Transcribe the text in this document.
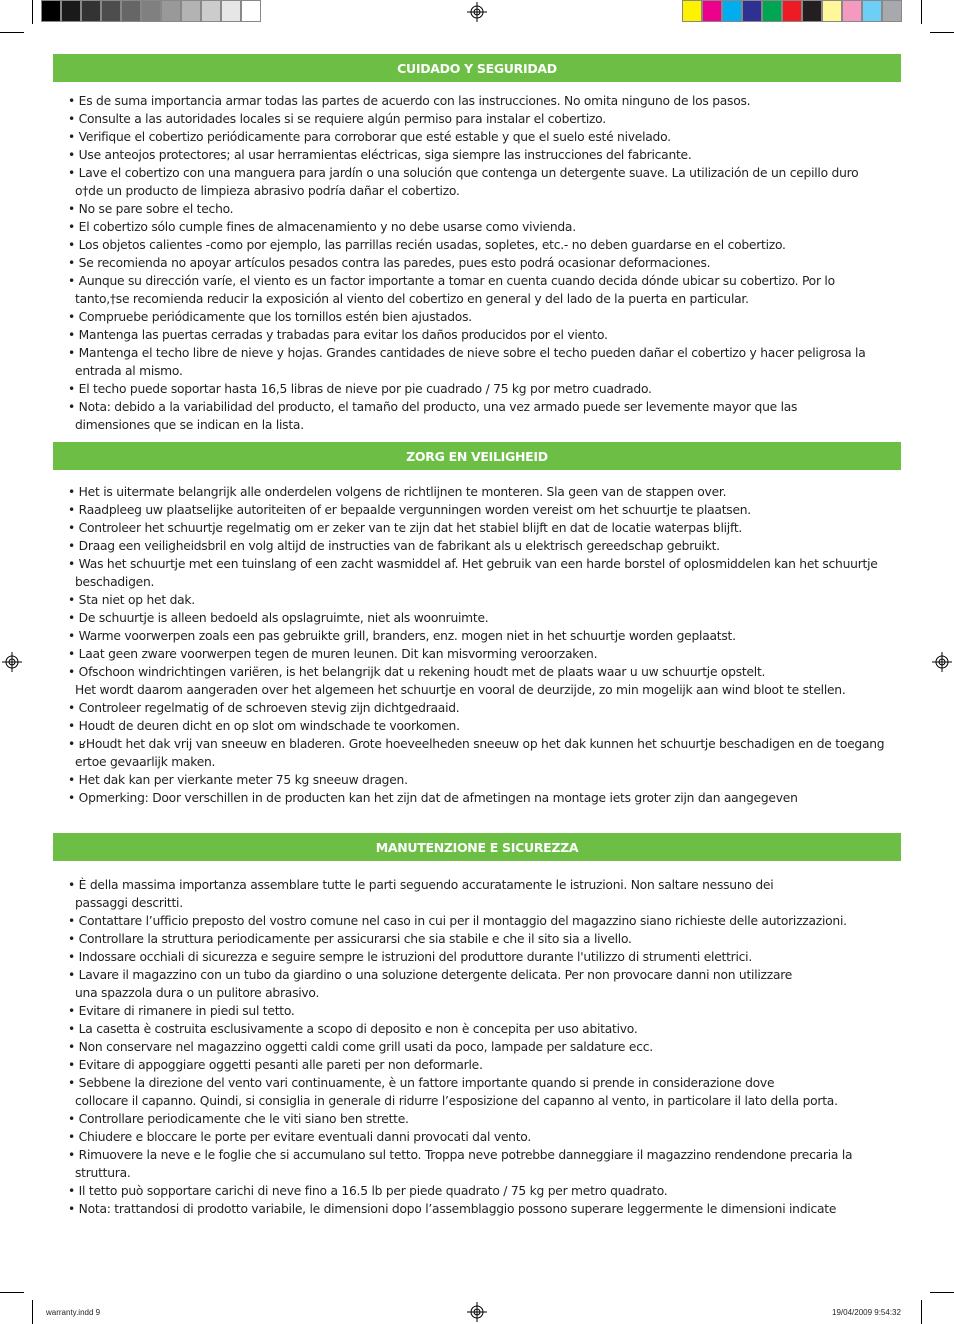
CUIDADO Y SEGURIDAD
• Es de suma importancia armar todas las partes de acuerdo con las instrucciones. No omita ninguno de los pasos.
• Consulte a las autoridades locales si se requiere algún permiso para instalar el cobertizo.
• Verifique el cobertizo periódicamente para corroborar que esté estable y que el suelo esté nivelado.
• Use anteojos protectores; al usar herramientas eléctricas, siga siempre las instrucciones del fabricante.
• Lave el cobertizo con una manguera para jardín o una solución que contenga un detergente suave. La utilización de un cepillo duro
o†de un producto de limpieza abrasivo podría dañar el cobertizo.
• No se pare sobre el techo.
• El cobertizo sólo cumple fines de almacenamiento y no debe usarse como vivienda.
• Los objetos calientes -como por ejemplo, las parrillas recién usadas, sopletes, etc.- no deben guardarse en el cobertizo.
• Se recomienda no apoyar artículos pesados contra las paredes, pues esto podrá ocasionar deformaciones.
• Aunque su dirección varíe, el viento es un factor importante a tomar en cuenta cuando decida dónde ubicar su cobertizo. Por lo
tanto,†se recomienda reducir la exposición al viento del cobertizo en general y del lado de la puerta en particular.
• Compruebe periódicamente que los tornillos estén bien ajustados.
• Mantenga las puertas cerradas y trabadas para evitar los daños producidos por el viento.
• Mantenga el techo libre de nieve y hojas. Grandes cantidades de nieve sobre el techo pueden dañar el cobertizo y hacer peligrosa la
entrada al mismo.
• El techo puede soportar hasta 16,5 libras de nieve por pie cuadrado / 75 kg por metro cuadrado.
• Nota: debido a la variabilidad del producto, el tamaño del producto, una vez armado puede ser levemente mayor que las
dimensiones que se indican en la lista.
ZORG EN VEILIGHEID
• Het is uitermate belangrijk alle onderdelen volgens de richtlijnen te monteren. Sla geen van de stappen over.
• Raadpleeg uw plaatselijke autoriteiten of er bepaalde vergunningen worden vereist om het schuurtje te plaatsen.
• Controleer het schuurtje regelmatig om er zeker van te zijn dat het stabiel blijft en dat de locatie waterpas blijft.
• Draag een veiligheidsbril en volg altijd de instructies van de fabrikant als u elektrisch gereedschap gebruikt.
• Was het schuurtje met een tuinslang of een zacht wasmiddel af. Het gebruik van een harde borstel of oplosmiddelen kan het schuurtje
beschadigen.
• Sta niet op het dak.
• De schuurtje is alleen bedoeld als opslagruimte, niet als woonruimte.
• Warme voorwerpen zoals een pas gebruikte grill, branders, enz. mogen niet in het schuurtje worden geplaatst.
• Laat geen zware voorwerpen tegen de muren leunen. Dit kan misvorming veroorzaken.
• Ofschoon windrichtingen variëren, is het belangrijk dat u rekening houdt met de plaats waar u uw schuurtje opstelt.
Het wordt daarom aangeraden over het algemeen het schuurtje en vooral de deurzijde, zo min mogelijk aan wind bloot te stellen.
• Controleer regelmatig of de schroeven stevig zijn dichtgedraaid.
• Houdt de deuren dicht en op slot om windschade te voorkomen.
• ʁHoudt het dak vrij van sneeuw en bladeren. Grote hoeveelheden sneeuw op het dak kunnen het schuurtje beschadigen en de toegang
ertoe gevaarlijk maken.
• Het dak kan per vierkante meter 75 kg sneeuw dragen.
• Opmerking: Door verschillen in de producten kan het zijn dat de afmetingen na montage iets groter zijn dan aangegeven
MANUTENZIONE E SICUREZZA
• È della massima importanza assemblare tutte le parti seguendo accuratamente le istruzioni. Non saltare nessuno dei
passaggi descritti.
• Contattare l’ufficio preposto del vostro comune nel caso in cui per il montaggio del magazzino siano richieste delle autorizzazioni.
• Controllare la struttura periodicamente per assicurarsi che sia stabile e che il sito sia a livello.
• Indossare occhiali di sicurezza e seguire sempre le istruzioni del produttore durante l'utilizzo di strumenti elettrici.
• Lavare il magazzino con un tubo da giardino o una soluzione detergente delicata. Per non provocare danni non utilizzare
una spazzola dura o un pulitore abrasivo.
• Evitare di rimanere in piedi sul tetto.
• La casetta è costruita esclusivamente a scopo di deposito e non è concepita per uso abitativo.
• Non conservare nel magazzino oggetti caldi come grill usati da poco, lampade per saldature ecc.
• Evitare di appoggiare oggetti pesanti alle pareti per non deformarle.
• Sebbene la direzione del vento vari continuamente, è un fattore importante quando si prende in considerazione dove
collocare il capanno. Quindi, si consiglia in generale di ridurre l’esposizione del capanno al vento, in particolare il lato della porta.
• Controllare periodicamente che le viti siano ben strette.
• Chiudere e bloccare le porte per evitare eventuali danni provocati dal vento.
• Rimuovere la neve e le foglie che si accumulano sul tetto. Troppa neve potrebbe danneggiare il magazzino rendendone precaria la struttura.
• Il tetto può sopportare carichi di neve fino a 16.5 lb per piede quadrato / 75 kg per metro quadrato.
• Nota: trattandosi di prodotto variabile, le dimensioni dopo l’assemblaggio possono superare leggermente le dimensioni indicate
warranty.indd 9	19/04/2009 9:54:32
